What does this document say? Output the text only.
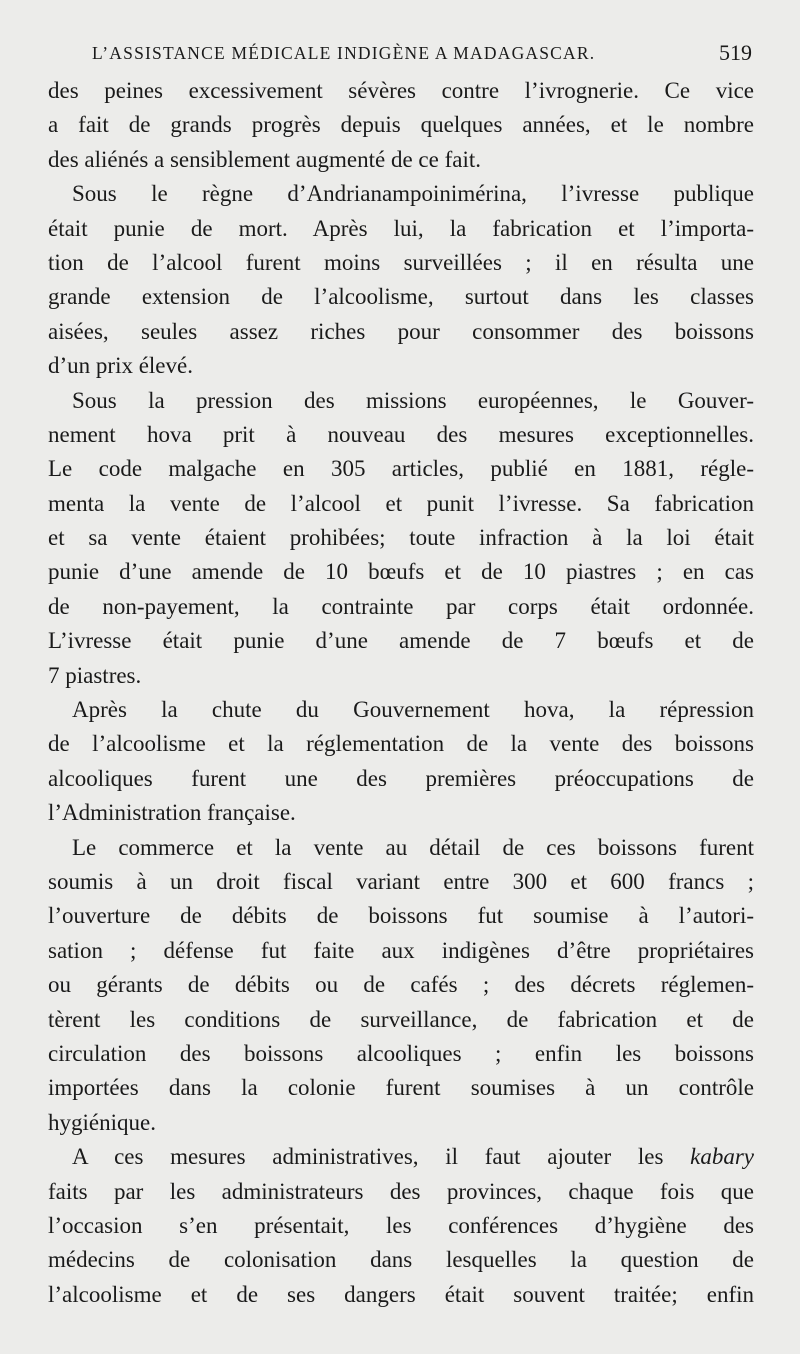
L’ASSISTANCE MÉDICALE INDIGÈNE A MADAGASCAR.	519
des peines excessivement sévères contre l’ivrognerie. Ce vice
a fait de grands progrès depuis quelques années, et le nombre
des aliénés a sensiblement augmenté de ce fait.
Sous le règne d’Andrianampoinimérina, l’ivresse publique
était punie de mort. Après lui, la fabrication et l’importa-
tion de l’alcool furent moins surveillées ; il en résulta une
grande extension de l’alcoolisme, surtout dans les classes
aisées, seules assez riches pour consommer des boissons
d’un prix élevé.
Sous la pression des missions européennes, le Gouver-
nement hova prit à nouveau des mesures exceptionnelles.
Le code malgache en 305 articles, publié en 1881, régle-
menta la vente de l’alcool et punit l’ivresse. Sa fabrication
et sa vente étaient prohibées; toute infraction à la loi était
punie d’une amende de 10 bœufs et de 10 piastres ; en cas
de non-payement, la contrainte par corps était ordonnée.
L’ivresse était punie d’une amende de 7 bœufs et de
7 piastres.
Après la chute du Gouvernement hova, la répression
de l’alcoolisme et la réglementation de la vente des boissons
alcooliques furent une des premières préoccupations de
l’Administration française.
Le commerce et la vente au détail de ces boissons furent
soumis à un droit fiscal variant entre 300 et 600 francs ;
l’ouverture de débits de boissons fut soumise à l’autori-
sation ; défense fut faite aux indigènes d’être propriétaires
ou gérants de débits ou de cafés ; des décrets réglemen-
tèrent les conditions de surveillance, de fabrication et de
circulation des boissons alcooliques ; enfin les boissons
importées dans la colonie furent soumises à un contrôle
hygiénique.
A ces mesures administratives, il faut ajouter les kabary
faits par les administrateurs des provinces, chaque fois que
l’occasion s’en présentait, les conférences d’hygiène des
médecins de colonisation dans lesquelles la question de
l’alcoolisme et de ses dangers était souvent traitée; enfin
